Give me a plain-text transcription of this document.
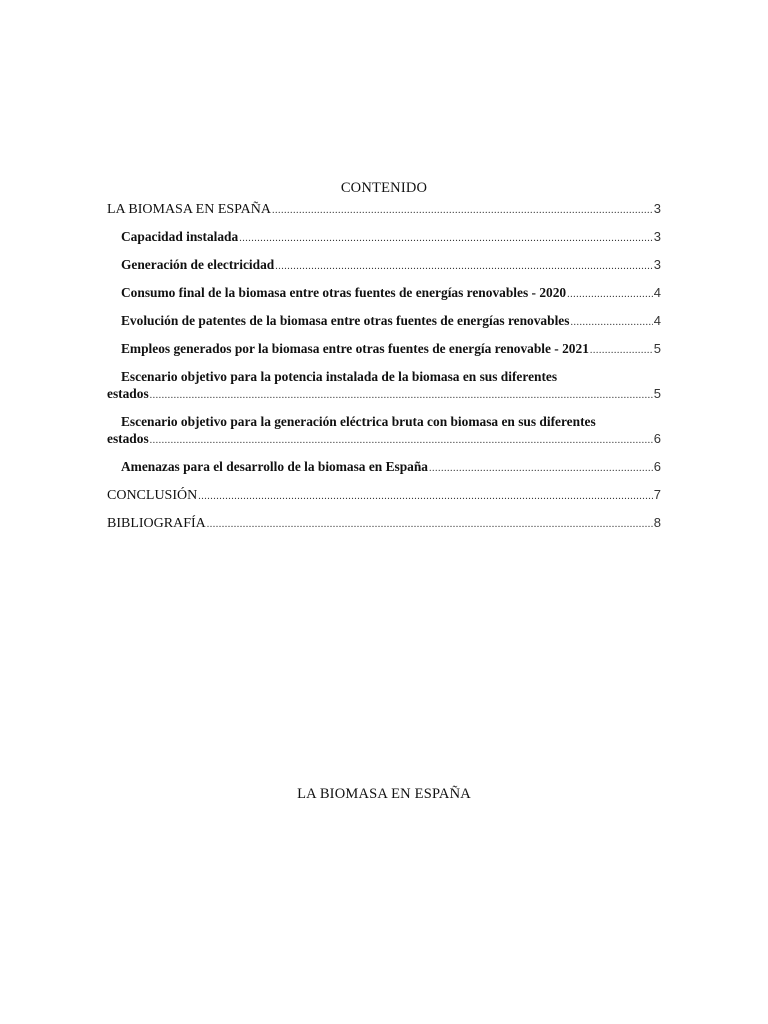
CONTENIDO
LA BIOMASA EN ESPAÑA .....	3
Capacidad instalada .....	3
Generación de electricidad .....	3
Consumo final de la biomasa entre otras fuentes de energías renovables - 2020 .....	4
Evolución de patentes de la biomasa entre otras fuentes de energías renovables .....	4
Empleos generados por la biomasa entre otras fuentes de energía renovable - 2021 .....	5
Escenario objetivo para la potencia instalada de la biomasa en sus diferentes
estados .....	5
Escenario objetivo para la generación eléctrica bruta con biomasa en sus diferentes
estados .....	6
Amenazas para el desarrollo de la biomasa en España .....	6
CONCLUSIÓN .....	7
BIBLIOGRAFÍA .....	8
LA BIOMASA EN ESPAÑA
